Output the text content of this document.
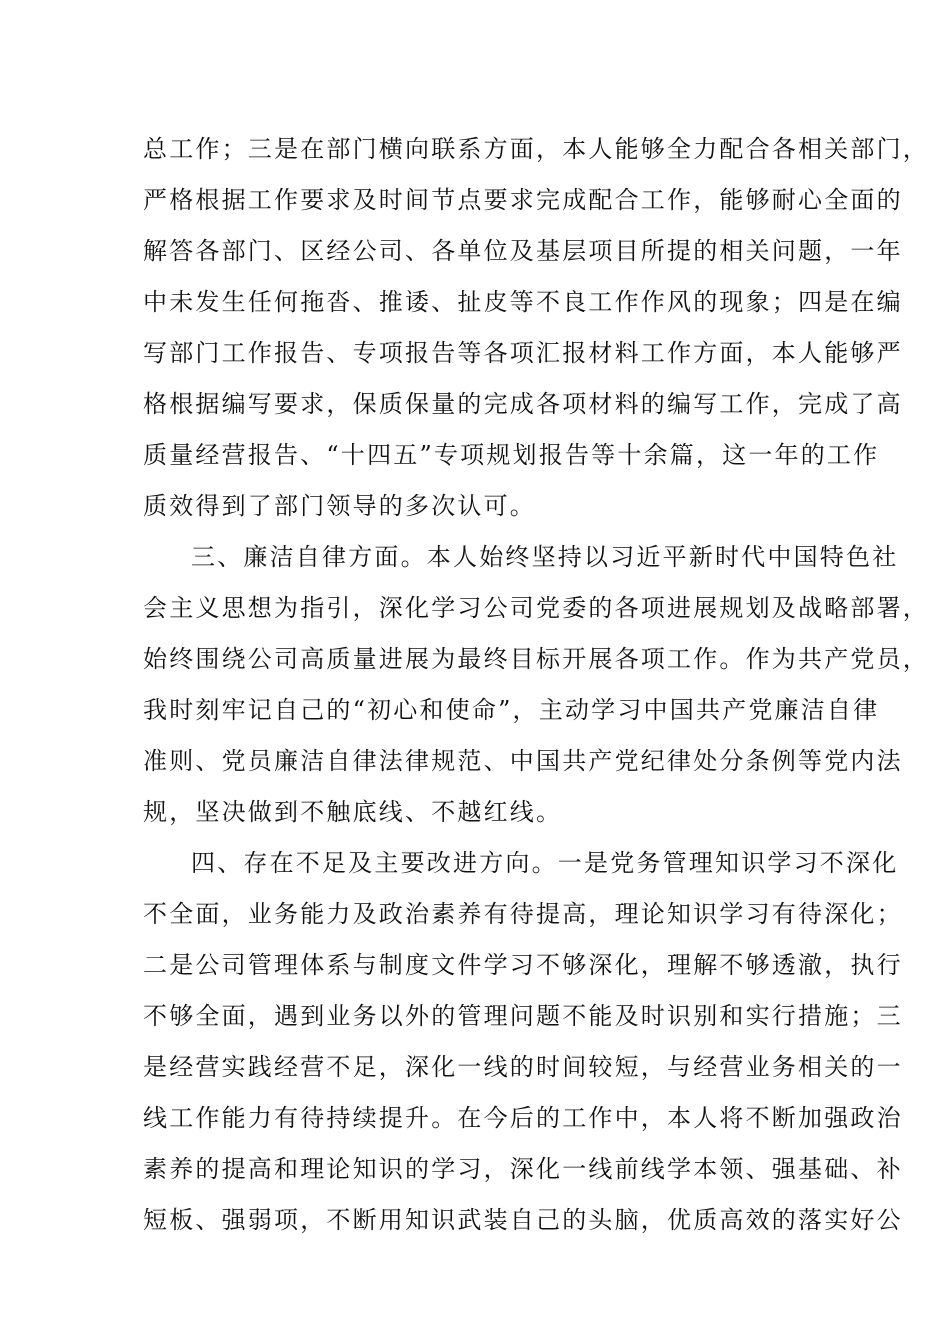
总工作；三是在部门横向联系方面，本人能够全力配合各相关部门，
严格根据工作要求及时间节点要求完成配合工作，能够耐心全面的
解答各部门、区经公司、各单位及基层项目所提的相关问题，一年
中未发生任何拖沓、推诿、扯皮等不良工作作风的现象；四是在编
写部门工作报告、专项报告等各项汇报材料工作方面，本人能够严
格根据编写要求，保质保量的完成各项材料的编写工作，完成了高
质量经营报告、“十四五”专项规划报告等十余篇，这一年的工作
质效得到了部门领导的多次认可。
三、廉洁自律方面。本人始终坚持以习近平新时代中国特色社
会主义思想为指引，深化学习公司党委的各项进展规划及战略部署，
始终围绕公司高质量进展为最终目标开展各项工作。作为共产党员，
我时刻牢记自己的“初心和使命”，主动学习中国共产党廉洁自律
准则、党员廉洁自律法律规范、中国共产党纪律处分条例等党内法
规，坚决做到不触底线、不越红线。
四、存在不足及主要改进方向。一是党务管理知识学习不深化
不全面，业务能力及政治素养有待提高，理论知识学习有待深化；
二是公司管理体系与制度文件学习不够深化，理解不够透澈，执行
不够全面，遇到业务以外的管理问题不能及时识别和实行措施；三
是经营实践经营不足，深化一线的时间较短，与经营业务相关的一
线工作能力有待持续提升。在今后的工作中，本人将不断加强政治
素养的提高和理论知识的学习，深化一线前线学本领、强基础、补
短板、强弱项，不断用知识武装自己的头脑，优质高效的落实好公
